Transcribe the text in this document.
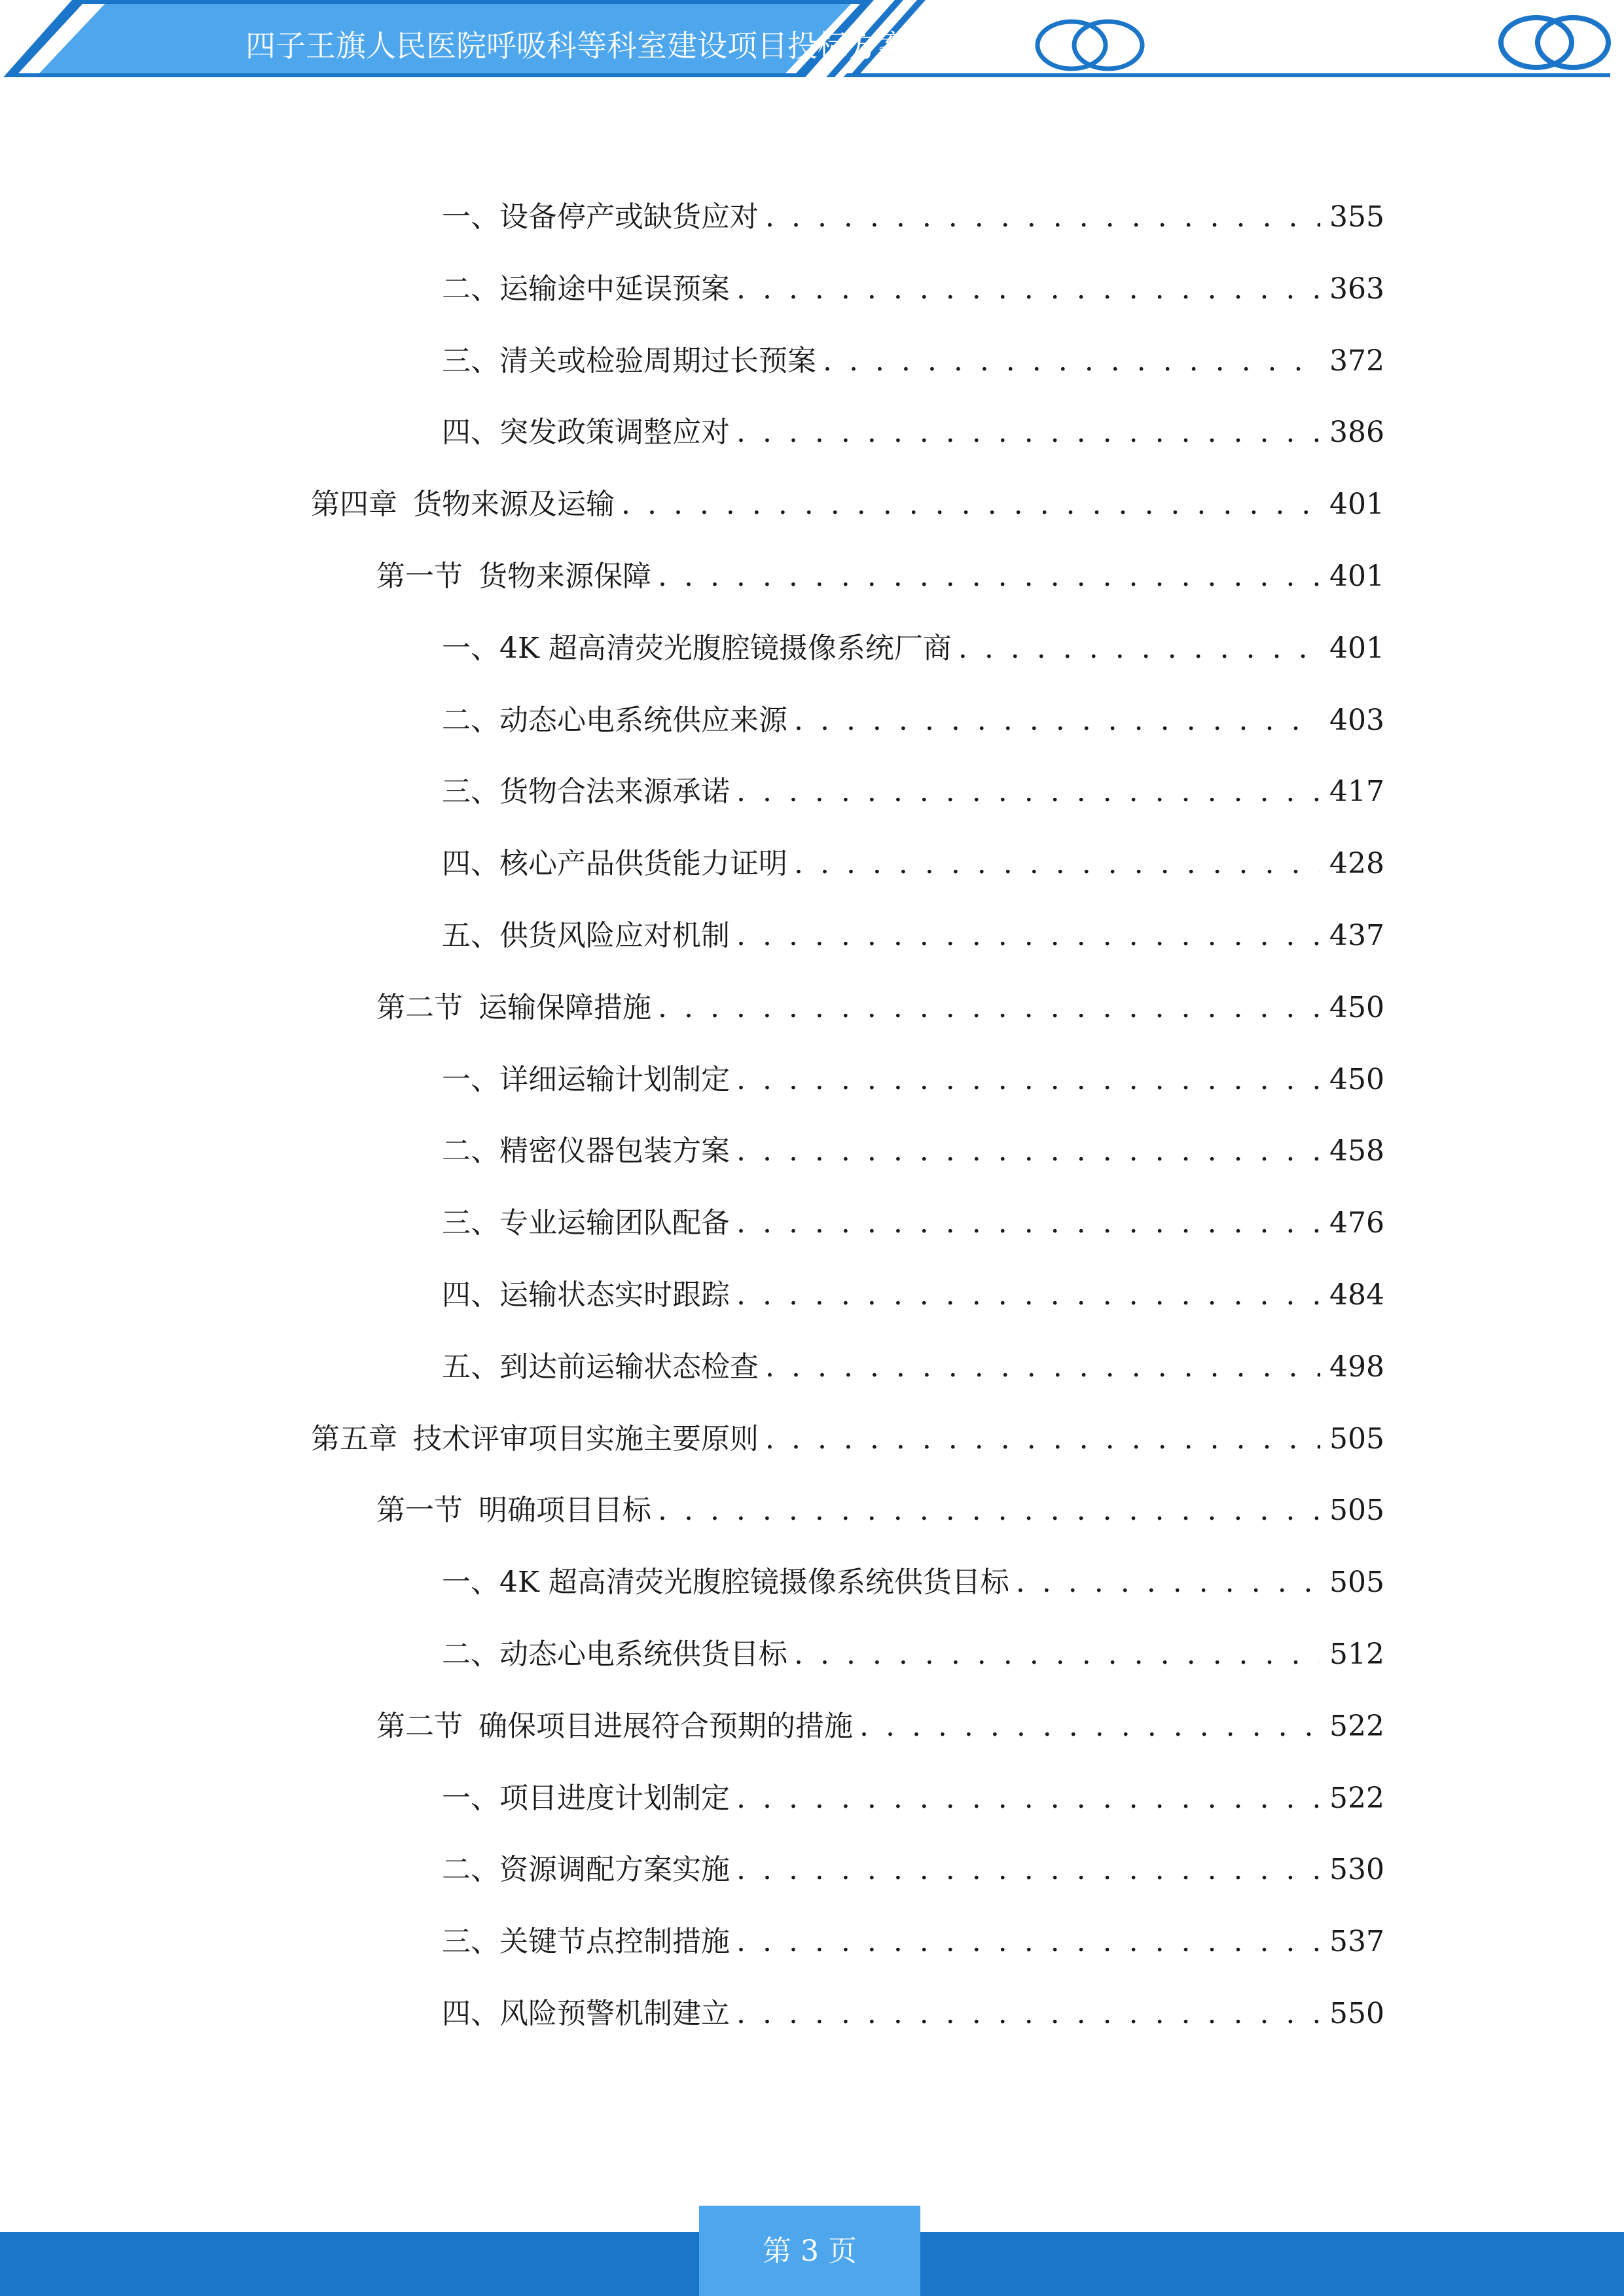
四子王旗人民医院呼吸科等科室建设项目投标方案（技术标）
一、 设备停产或缺货应对 . . .	355
二、 运输途中延误预案 . . .	363
三、 清关或检验周期过长预案 . . .	372
四、 突发政策调整应对 . . .	386
第四章 货物来源及运输 . . .	401
第一节 货物来源保障 . . .	401
一、 4K 超高清荧光腹腔镜摄像系统厂商 . . .	401
二、 动态心电系统供应来源 . . .	403
三、 货物合法来源承诺 . . .	417
四、 核心产品供货能力证明 . . .	428
五、 供货风险应对机制 . . .	437
第二节 运输保障措施 . . .	450
一、 详细运输计划制定 . . .	450
二、 精密仪器包装方案 . . .	458
三、 专业运输团队配备 . . .	476
四、 运输状态实时跟踪 . . .	484
五、 到达前运输状态检查 . . .	498
第五章 技术评审项目实施主要原则 . . .	505
第一节 明确项目目标 . . .	505
一、 4K 超高清荧光腹腔镜摄像系统供货目标 . . .	505
二、 动态心电系统供货目标 . . .	512
第二节 确保项目进展符合预期的措施 . . .	522
一、 项目进度计划制定 . . .	522
二、 资源调配方案实施 . . .	530
三、 关键节点控制措施 . . .	537
四、 风险预警机制建立 . . .	550
第 3 页
